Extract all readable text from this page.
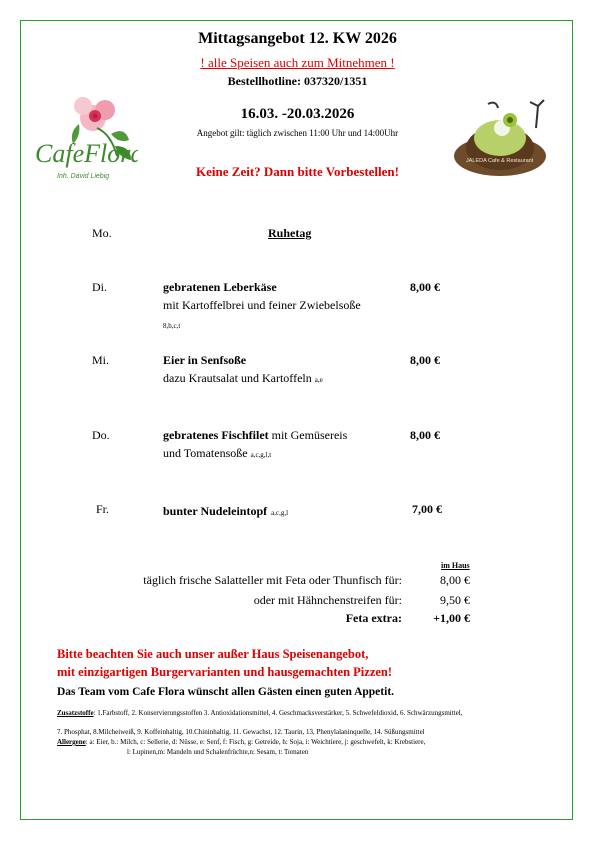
Mittagsangebot 12. KW 2026
! alle Speisen auch zum Mitnehmen !
Bestellhotline: 037320/1351
16.03. -20.03.2026
Angebot gilt: täglich zwischen 11:00 Uhr und 14:00Uhr
Keine Zeit? Dann bitte Vorbestellen!
CafeFlora
Inh. David Liebig
JALEDA Cafe & Restaurant
Mo.	Ruhetag
Di.	gebratenen Leberkäse	8,00 €
mit Kartoffelbrei und feiner Zwiebelsoße
8,b,c,t
Mi.	Eier in Senfsoße	8,00 €
dazu Krautsalat und Kartoffeln a,e
Do.	gebratenes Fischfilet mit Gemüsereis	8,00 €
und Tomatensoße a,c,g,l,t
Fr.	bunter Nudeleintopf a,c,g,l	7,00 €
im Haus
täglich frische Salatteller mit Feta oder Thunfisch für:	8,00 €
oder mit Hähnchenstreifen für:	9,50 €
Feta extra:	+1,00 €
Bitte beachten Sie auch unser außer Haus Speisenangebot,
mit einzigartigen Burgervarianten und hausgemachten Pizzen!
Das Team vom Cafe Flora wünscht allen Gästen einen guten Appetit.
Zusatzstoffe: 1.Farbstoff, 2. Konservierungsstoffen 3. Antioxidationsmittel, 4. Geschmacksverstärker, 5. Schwefeldioxid, 6. Schwärzungsmittel,
7. Phosphat, 8.Milcheiweiß, 9. Koffeinhaltig, 10.Chininhaltig, 11. Gewachst, 12. Taurin, 13, Phenylalaninquelle, 14. Süßungsmittel
Allergene: a: Eier, b.: Milch, c: Sellerie, d: Nüsse, e: Senf, f: Fisch, g: Getreide, h: Soja, i: Weichtiere, j: geschwefelt, k: Krebstiere,
l: Lupinen,m: Mandeln und Schalenfrüchte,n: Sesam, t: Tomaten
